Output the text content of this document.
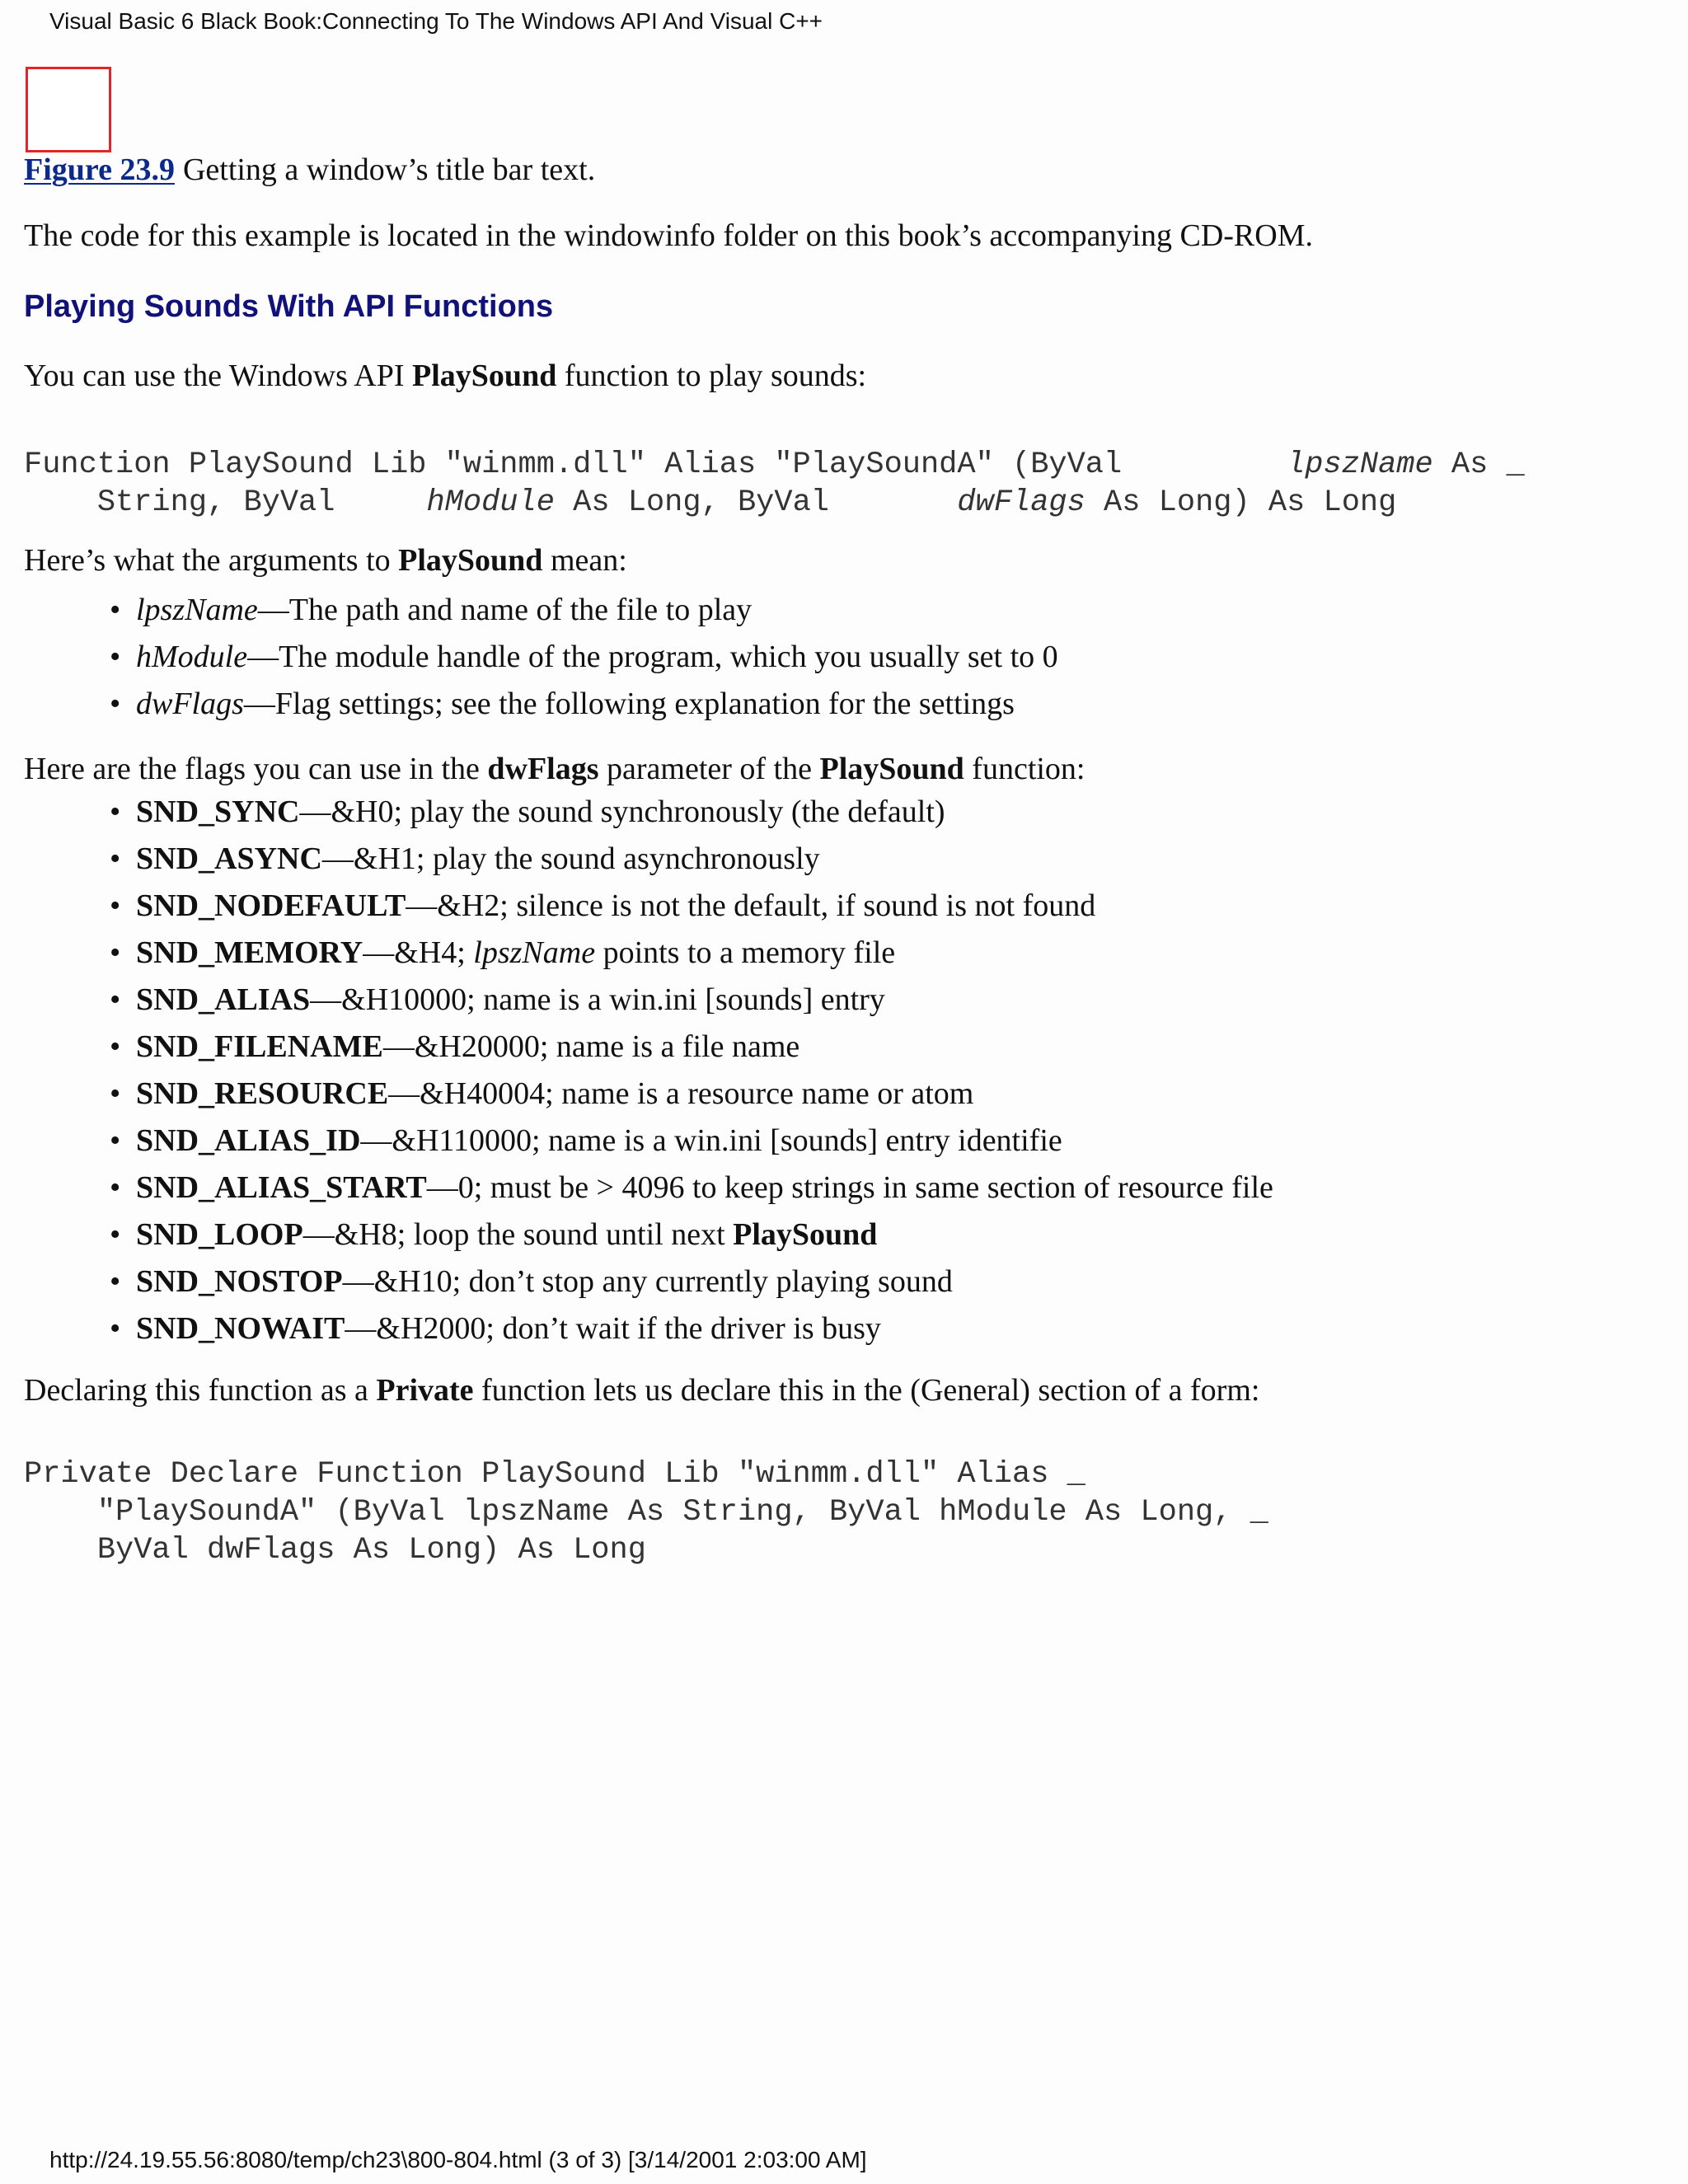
Visual Basic 6 Black Book:Connecting To The Windows API And Visual C++
Figure 23.9 Getting a window’s title bar text.
The code for this example is located in the windowinfo folder on this book’s accompanying CD-ROM.
Playing Sounds With API Functions
You can use the Windows API PlaySound function to play sounds:
Function PlaySound Lib "winmm.dll" Alias "PlaySoundA" (ByVal         lpszName As _
String, ByVal     hModule As Long, ByVal       dwFlags As Long) As Long
Here’s what the arguments to PlaySound mean:
• lpszName—The path and name of the file to play
• hModule—The module handle of the program, which you usually set to 0
• dwFlags—Flag settings; see the following explanation for the settings
Here are the flags you can use in the dwFlags parameter of the PlaySound function:
• SND_SYNC—&H0; play the sound synchronously (the default)
• SND_ASYNC—&H1; play the sound asynchronously
• SND_NODEFAULT—&H2; silence is not the default, if sound is not found
• SND_MEMORY—&H4; lpszName points to a memory file
• SND_ALIAS—&H10000; name is a win.ini [sounds] entry
• SND_FILENAME—&H20000; name is a file name
• SND_RESOURCE—&H40004; name is a resource name or atom
• SND_ALIAS_ID—&H110000; name is a win.ini [sounds] entry identifie
• SND_ALIAS_START—0; must be > 4096 to keep strings in same section of resource file
• SND_LOOP—&H8; loop the sound until next PlaySound
• SND_NOSTOP—&H10; don’t stop any currently playing sound
• SND_NOWAIT—&H2000; don’t wait if the driver is busy
Declaring this function as a Private function lets us declare this in the (General) section of a form:
Private Declare Function PlaySound Lib "winmm.dll" Alias _
"PlaySoundA" (ByVal lpszName As String, ByVal hModule As Long, _
ByVal dwFlags As Long) As Long
http://24.19.55.56:8080/temp/ch23\800-804.html (3 of 3) [3/14/2001 2:03:00 AM]
